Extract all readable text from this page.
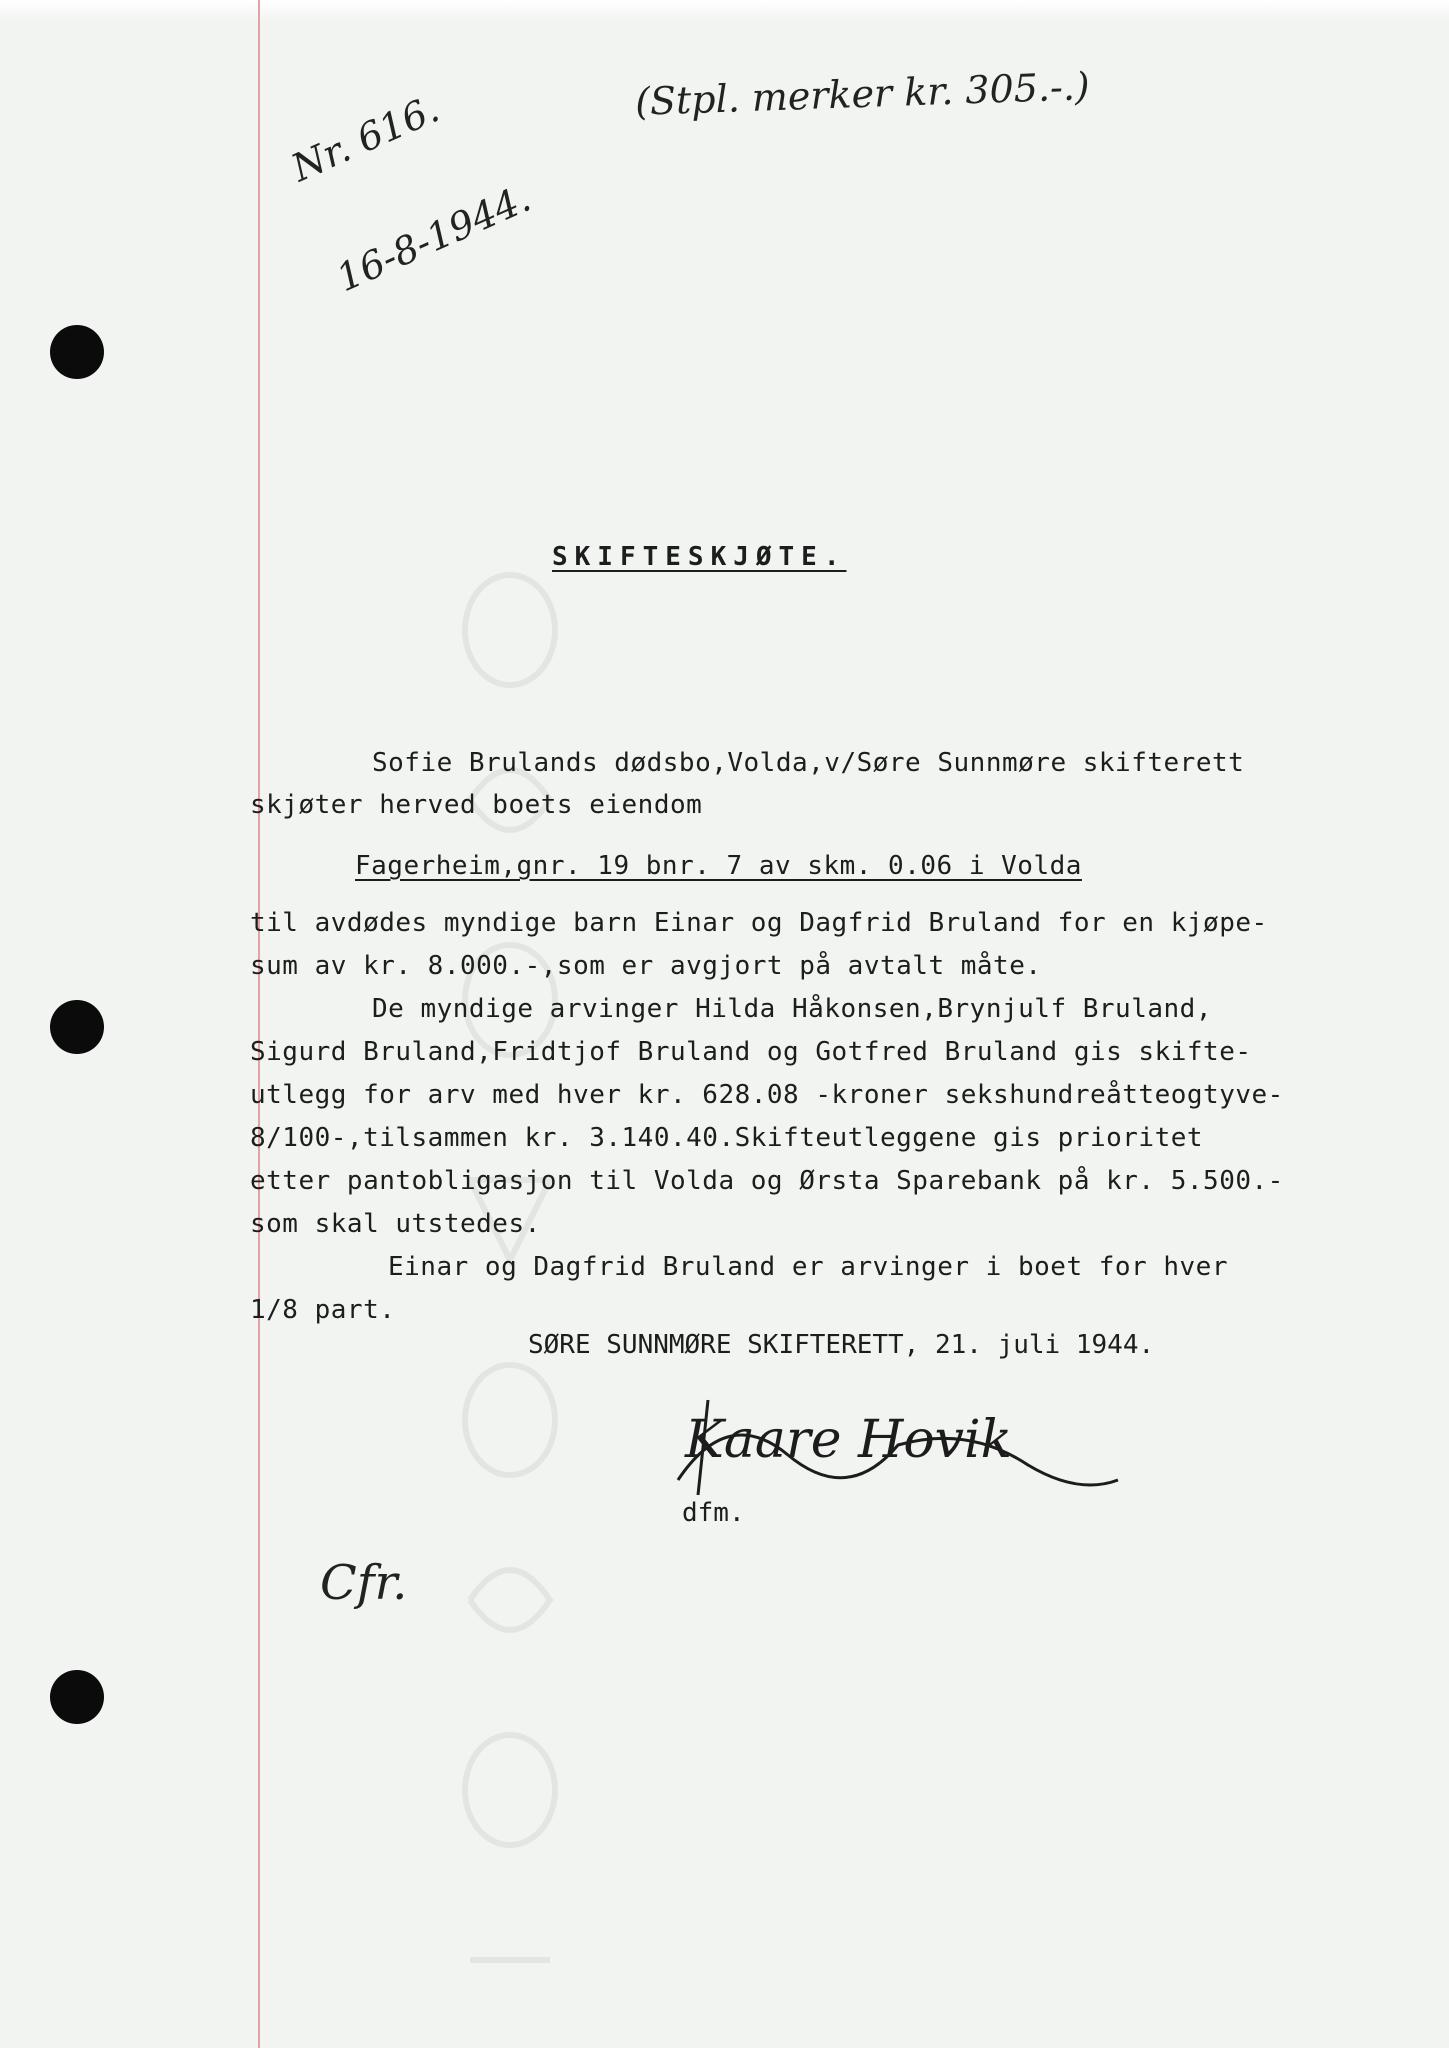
(Stpl. merker kr. 305.-.)
Nr. 616.
16-8-1944.
SKIFTESKJØTE.
Sofie Brulands dødsbo,Volda,v/Søre Sunnmøre skifterett
skjøter herved boets eiendom
Fagerheim,gnr. 19 bnr. 7 av skm. 0.06 i Volda
til avdødes myndige barn Einar og Dagfrid Bruland for en kjøpe-
sum av kr. 8.000.-,som er avgjort på avtalt måte.
De myndige arvinger Hilda Håkonsen,Brynjulf Bruland,
Sigurd Bruland,Fridtjof Bruland og Gotfred Bruland gis skifte-
utlegg for arv med hver kr. 628.08 -kroner sekshundreåtteogtyve-
8/100-,tilsammen kr. 3.140.40.Skifteutleggene gis prioritet
etter pantobligasjon til Volda og Ørsta Sparebank på kr. 5.500.-
som skal utstedes.
Einar og Dagfrid Bruland er arvinger i boet for hver
1/8 part.
SØRE SUNNMØRE SKIFTERETT, 21. juli 1944.
Kaare Hovik
dfm.
Cfr.
